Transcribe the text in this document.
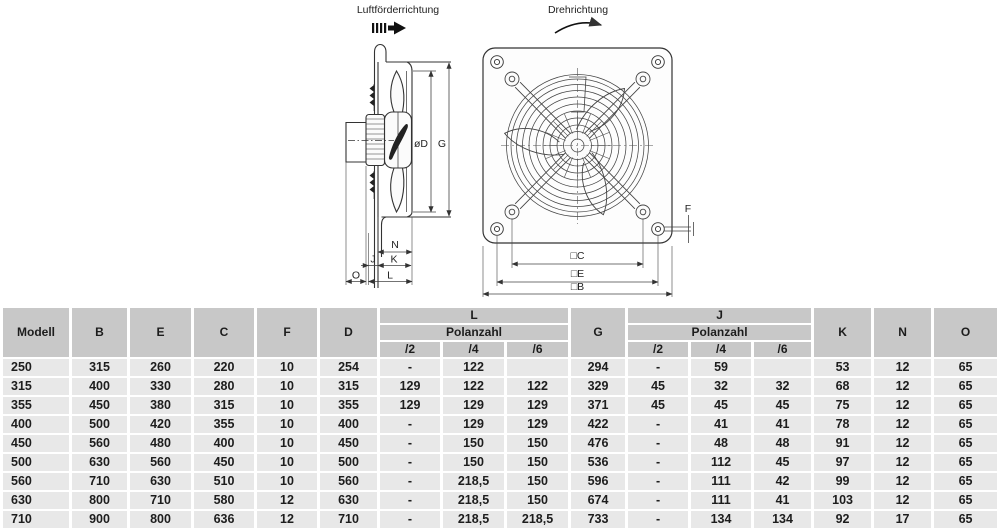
Luftförderrichtung
øD G
N
J K
O	L
Drehrichtung
F
□C
□E
□B
Modell	B	E	C	F	D	L			G	J			K	N	O
						Polanzahl				Polanzahl					
						/2	/4	/6		/2	/4	/6			
250	315	260	220	10	254	-	122		294	-	59		53	12	65
315	400	330	280	10	315	129	122	122	329	45	32	32	68	12	65
355	450	380	315	10	355	129	129	129	371	45	45	45	75	12	65
400	500	420	355	10	400	-	129	129	422	-	41	41	78	12	65
450	560	480	400	10	450	-	150	150	476	-	48	48	91	12	65
500	630	560	450	10	500	-	150	150	536	-	112	45	97	12	65
560	710	630	510	10	560	-	218,5	150	596	-	111	42	99	12	65
630	800	710	580	12	630	-	218,5	150	674	-	111	41	103	12	65
710	900	800	636	12	710	-	218,5	218,5	733	-	134	134	92	17	65
